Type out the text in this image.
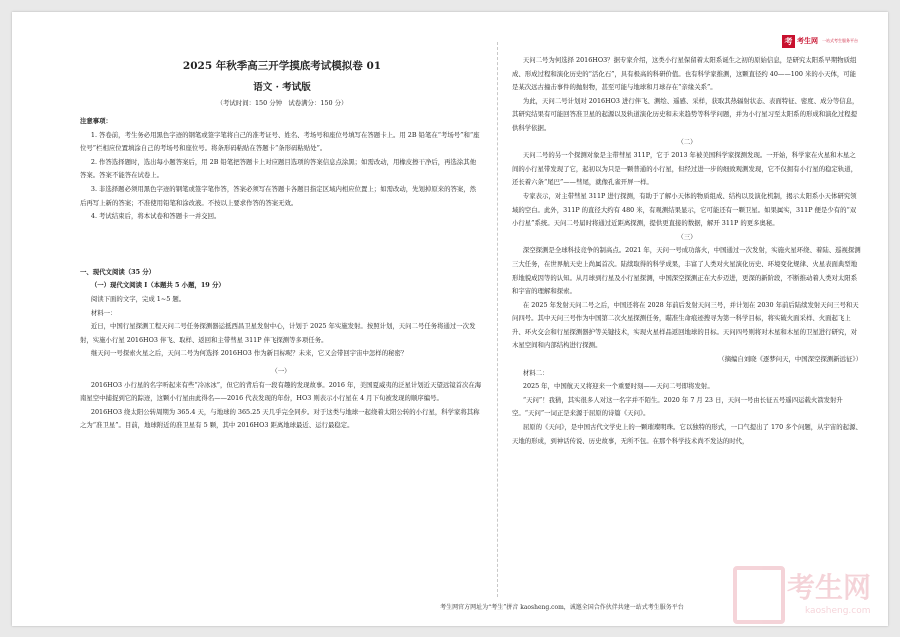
考 考生网 一站式考生服务平台
2025 年秋季高三开学摸底考试模拟卷 01
语文 · 考试版
（考试时间：150 分钟　试卷满分：150 分）
注意事项：

1. 答卷前，考生务必用黑色字迹的钢笔或签字笔将自己的准考证号、姓名、考场号和座位号填写在答题卡上。用 2B 铅笔在“考场号”和“座位号”栏相应位置填涂自己的考场号和座位号。将条形码粘贴在答题卡“条形码粘贴处”。

2. 作答选择题时，选出每小题答案后，用 2B 铅笔把答题卡上对应题目选项的答案信息点涂黑；如需改动，用橡皮擦干净后，再选涂其他答案。答案不能答在试卷上。

3. 非选择题必须用黑色字迹的钢笔或签字笔作答，答案必须写在答题卡各题目指定区域内相应位置上；如需改动，先划掉原来的答案，然后再写上新的答案；不准使用铅笔和涂改液。不按以上要求作答的答案无效。

4. 考试结束后，将本试卷和答题卡一并交回。

一、现代文阅读（35 分）
（一）现代文阅读 Ⅰ（本题共 5 小题，19 分）

阅读下面的文字，完成 1~5 题。

材料一：

近日，中国行星探测工程天问二号任务探测器运抵西昌卫星发射中心，计划于 2025 年实施发射。按照计划，天问二号任务将通过一次发射，实施小行星 2016HO3 伴飞、取样、返回和主带彗星 311P 伴飞探测等多项任务。

继天问一号探索火星之后，天问二号为何选择 2016HO3 作为新目标呢？未来，它又会带回宇宙中怎样的秘密？

（一）

2016HO3 小行星的名字听起来有些“冷冰冰”，但它的背后有一段有趣的发现故事。2016 年，美国夏威夷的泛星计划近天望远镜首次在海南星空中捕捉到它的踪迹，这颗小行星由此得名——2016 代表发现的年份，HO3 则表示小行星在 4 月下旬被发现的顺序编号。

2016HO3 绕太阳公转周期为 365.4 天，与地球的 365.25 天几乎完全同步。对于这类与地球一起绕着太阳公转的小行星，科学家将其称之为“准卫星”。目前，地球附近的准卫星有 5 颗，其中 2016HO3 距离地球最近、运行最稳定。

天问二号为何选择 2016HO3？据专家介绍，这类小行星保留着太阳系诞生之初的原始信息，是研究太阳系早期物质组成、形成过程和演化历史的“活化石”，具有极高的科研价值。也有科学家推测，这颗直径约 40——100 米的小天体，可能是某次远古撞击事件的抛射物，甚至可能与地球和月球存在“亲缘关系”。

为此，天问二号计划对 2016HO3 进行伴飞、测绘、遥感、采样，获取其热辐射状态、表面特征、密度、成分等信息，其研究结果有可能回答准卫星的起源以及轨道演化历史和未来趋势等科学问题，并为小行星习至太阳系的形成和演化过程提供科学依据。

（二）

天问二号的另一个探测对象是主带彗星 311P，它于 2013 年被美国科学家探测发现。一开始，科学家在火星和木星之间的小行星带发现了它，起初以为只是一颗普通的小行星，但经过进一步的细致观测发现，它不仅拥有小行星的稳定轨道，还长着六条“尾巴”——彗尾，就像孔雀开屏一样。

专家表示，对主带彗星 311P 进行探测，有助于了解小天体的物质组成、结构以及演化机制，揭示太阳系小天体研究领域的空白。此外，311P 的直径大约有 480 米，有观测结果显示，它可能还有一颗卫星。如果属实，311P 便是少有的“双小行星”系统。天问二号届时将通过近距离探测，提供更直接的数据，解开 311P 的更多奥秘。

（三）

深空探测是全球科技竞争的制高点。2021 年，天问一号成功落火，中国通过一次发射，实施火星环绕、着陆、巡视探测三大任务，在世界航天史上尚属首次。陆续取得的科学成果，丰富了人类对火星演化历史、环境变化规律、火星表面典型地形地貌成因等的认知。从月球到行星及小行星探测，中国深空探测正在大步迈进，更深的新阶段，不断推动着人类对太阳系和宇宙的理解和探索。

在 2025 年发射天问二号之后，中国还将在 2028 年前后发射天问三号，并计划在 2030 年前后陆续发射天问三号和天问四号。其中天问三号作为中国第二次火星探测任务，瞄准生命痕迹搜寻为第一科学目标，将实破火面采样、火面起飞上升、环火交会和行星探测器护等关键技术，实现火星样品返回地球的目标。天问四号则将对木星和木星的卫星进行研究，对木星空间和内部结构进行探测。

（摘编自刘晓《逐梦问天，中国深空探测新远征》）

材料二：

2025 年，中国航天又将迎来一个重要时刻——天问二号即将发射。

“天问”！我猜，其实很多人对这一名字并不陌生。2020 年 7 月 23 日，天问一号由长征五号遥四运载火箭发射升空。“天问”一词正是来源于屈原的诗篇《天问》。

屈原的《天问》，是中国古代文学史上的一颗璀璨明珠。它以独特的形式，一口气提出了 170 多个问题，从宇宙的起源、天地的形成，到神话传说、历史故事，无所不包。在那个科学技术尚不发达的时代，

考生网
kaosheng.com
考生网官方网址为“考生”拼音 kaosheng.com，诚邀全国合作伙伴共建一站式考生服务平台
